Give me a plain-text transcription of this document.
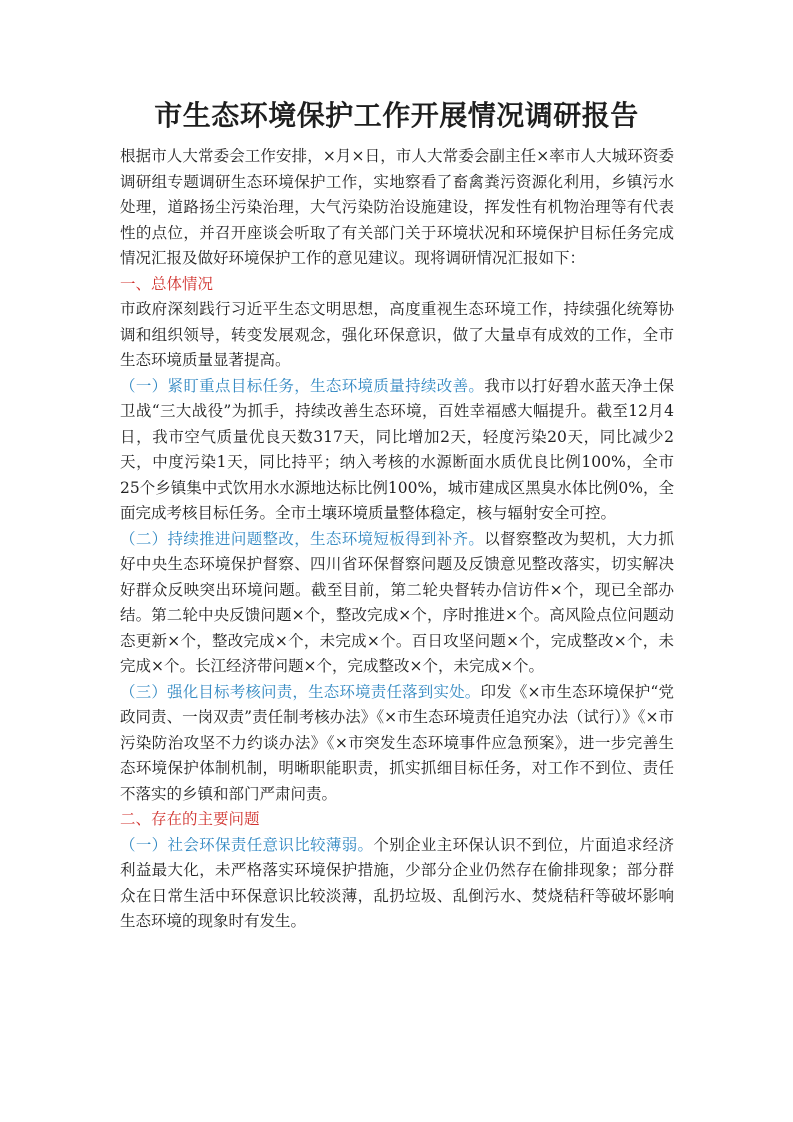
市生态环境保护工作开展情况调研报告

根据市人大常委会工作安排，×月×日，市人大常委会副主任×率市人大城环资委调研组专题调研生态环境保护工作，实地察看了畜禽粪污资源化利用，乡镇污水处理，道路扬尘污染治理，大气污染防治设施建设，挥发性有机物治理等有代表性的点位，并召开座谈会听取了有关部门关于环境状况和环境保护目标任务完成情况汇报及做好环境保护工作的意见建议。现将调研情况汇报如下：

一、总体情况

市政府深刻践行习近平生态文明思想，高度重视生态环境工作，持续强化统筹协调和组织领导，转变发展观念，强化环保意识，做了大量卓有成效的工作，全市生态环境质量显著提高。

（一）紧盯重点目标任务，生态环境质量持续改善。我市以打好碧水蓝天净土保卫战“三大战役”为抓手，持续改善生态环境，百姓幸福感大幅提升。截至12月4日，我市空气质量优良天数317天，同比增加2天，轻度污染20天，同比减少2天，中度污染1天，同比持平；纳入考核的水源断面水质优良比例100%，全市25个乡镇集中式饮用水水源地达标比例100%，城市建成区黑臭水体比例0%，全面完成考核目标任务。全市土壤环境质量整体稳定，核与辐射安全可控。

（二）持续推进问题整改，生态环境短板得到补齐。以督察整改为契机，大力抓好中央生态环境保护督察、四川省环保督察问题及反馈意见整改落实，切实解决好群众反映突出环境问题。截至目前，第二轮央督转办信访件×个，现已全部办结。第二轮中央反馈问题×个，整改完成×个，序时推进×个。高风险点位问题动态更新×个，整改完成×个，未完成×个。百日攻坚问题×个，完成整改×个，未完成×个。长江经济带问题×个，完成整改×个，未完成×个。

（三）强化目标考核问责，生态环境责任落到实处。印发《×市生态环境保护“党政同责、一岗双责”责任制考核办法》《×市生态环境责任追究办法（试行）》《×市污染防治攻坚不力约谈办法》《×市突发生态环境事件应急预案》，进一步完善生态环境保护体制机制，明晰职能职责，抓实抓细目标任务，对工作不到位、责任不落实的乡镇和部门严肃问责。

二、存在的主要问题

（一）社会环保责任意识比较薄弱。个别企业主环保认识不到位，片面追求经济利益最大化，未严格落实环境保护措施，少部分企业仍然存在偷排现象；部分群众在日常生活中环保意识比较淡薄，乱扔垃圾、乱倒污水、焚烧秸秆等破坏影响生态环境的现象时有发生。
